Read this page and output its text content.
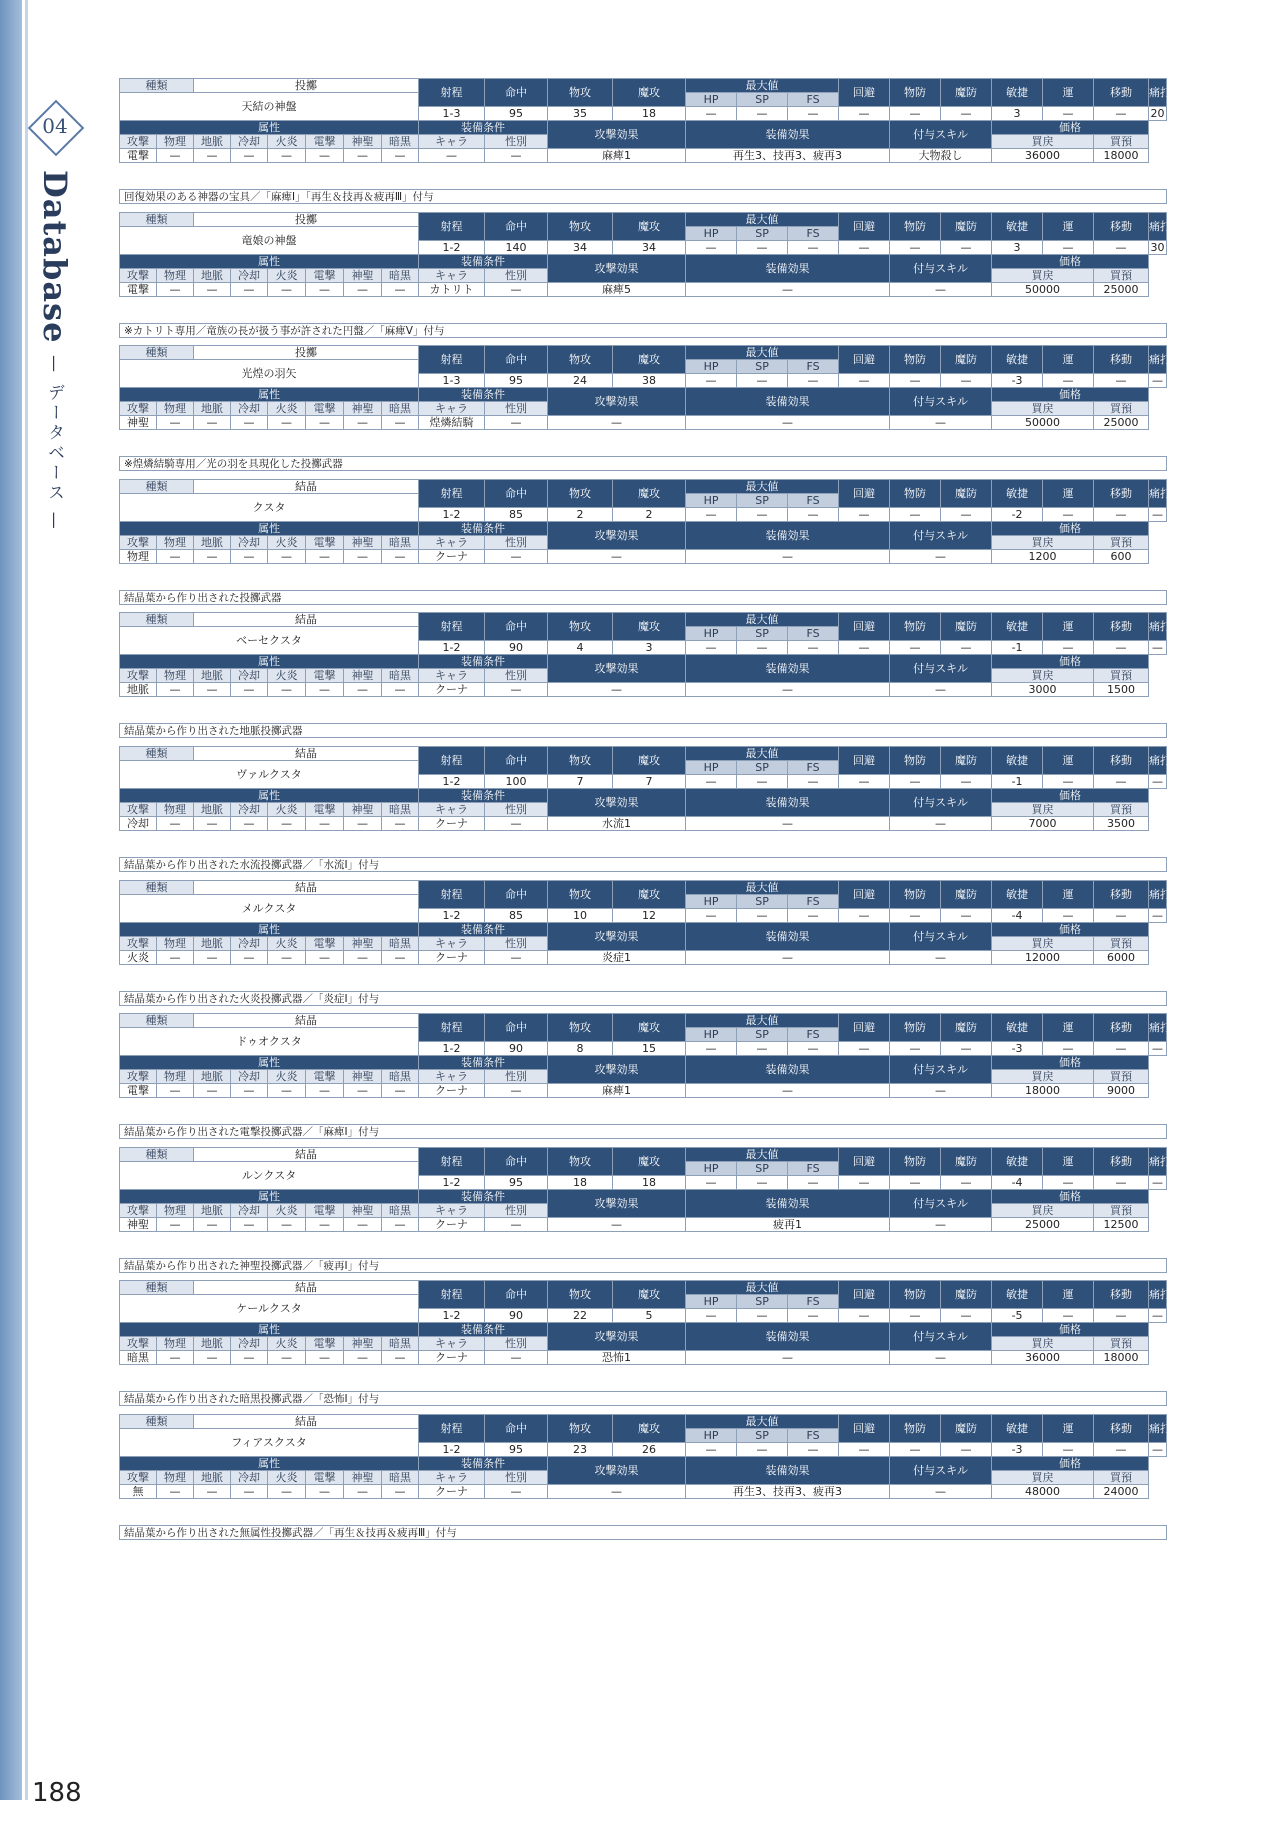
04
Database
— データベース —
188
種類		投擲						射程	命中	物攻	魔攻	最大値			回避	物防	魔防	敏捷	運	移動	痛打
天結の神盤												HP	SP	FS							
								1-3	95	35	18	—	—	—	—	—	—	3	—	—	20
属性								装備条件		攻撃効果		装備効果				付与スキル		価格			
攻撃	物理	地脈	冷却	火炎	電撃	神聖	暗黒	キャラ	性別									買戻		買預	
電撃	—	—	—	—	—	—	—	—	—	麻痺1		再生3、技再3、疲再3				大物殺し		36000		18000	
回復効果のある神器の宝具／「麻痺Ⅰ」「再生＆技再＆疲再Ⅲ」付与
種類		投擲						射程	命中	物攻	魔攻	最大値			回避	物防	魔防	敏捷	運	移動	痛打
竜娘の神盤												HP	SP	FS							
								1-2	140	34	34	—	—	—	—	—	—	3	—	—	30
属性								装備条件		攻撃効果		装備効果				付与スキル		価格			
攻撃	物理	地脈	冷却	火炎	電撃	神聖	暗黒	キャラ	性別									買戻		買預	
電撃	—	—	—	—	—	—	—	カトリト	—	麻痺5		—				—		50000		25000	
※カトリト専用／竜族の長が扱う事が許された円盤／「麻痺Ⅴ」付与
種類		投擲						射程	命中	物攻	魔攻	最大値			回避	物防	魔防	敏捷	運	移動	痛打
光煌の羽矢												HP	SP	FS							
								1-3	95	24	38	—	—	—	—	—	—	-3	—	—	—
属性								装備条件		攻撃効果		装備効果				付与スキル		価格			
攻撃	物理	地脈	冷却	火炎	電撃	神聖	暗黒	キャラ	性別									買戻		買預	
神聖	—	—	—	—	—	—	—	煌燐結騎	—	—		—				—		50000		25000	
※煌燐結騎専用／光の羽を具現化した投擲武器
種類		結晶						射程	命中	物攻	魔攻	最大値			回避	物防	魔防	敏捷	運	移動	痛打
クスタ												HP	SP	FS							
								1-2	85	2	2	—	—	—	—	—	—	-2	—	—	—
属性								装備条件		攻撃効果		装備効果				付与スキル		価格			
攻撃	物理	地脈	冷却	火炎	電撃	神聖	暗黒	キャラ	性別									買戻		買預	
物理	—	—	—	—	—	—	—	クーナ	—	—		—				—		1200		600	
結晶葉から作り出された投擲武器
種類		結晶						射程	命中	物攻	魔攻	最大値			回避	物防	魔防	敏捷	運	移動	痛打
ベーセクスタ												HP	SP	FS							
								1-2	90	4	3	—	—	—	—	—	—	-1	—	—	—
属性								装備条件		攻撃効果		装備効果				付与スキル		価格			
攻撃	物理	地脈	冷却	火炎	電撃	神聖	暗黒	キャラ	性別									買戻		買預	
地脈	—	—	—	—	—	—	—	クーナ	—	—		—				—		3000		1500	
結晶葉から作り出された地脈投擲武器
種類		結晶						射程	命中	物攻	魔攻	最大値			回避	物防	魔防	敏捷	運	移動	痛打
ヴァルクスタ												HP	SP	FS							
								1-2	100	7	7	—	—	—	—	—	—	-1	—	—	—
属性								装備条件		攻撃効果		装備効果				付与スキル		価格			
攻撃	物理	地脈	冷却	火炎	電撃	神聖	暗黒	キャラ	性別									買戻		買預	
冷却	—	—	—	—	—	—	—	クーナ	—	水流1		—				—		7000		3500	
結晶葉から作り出された水流投擲武器／「水流Ⅰ」付与
種類		結晶						射程	命中	物攻	魔攻	最大値			回避	物防	魔防	敏捷	運	移動	痛打
メルクスタ												HP	SP	FS							
								1-2	85	10	12	—	—	—	—	—	—	-4	—	—	—
属性								装備条件		攻撃効果		装備効果				付与スキル		価格			
攻撃	物理	地脈	冷却	火炎	電撃	神聖	暗黒	キャラ	性別									買戻		買預	
火炎	—	—	—	—	—	—	—	クーナ	—	炎症1		—				—		12000		6000	
結晶葉から作り出された火炎投擲武器／「炎症Ⅰ」付与
種類		結晶						射程	命中	物攻	魔攻	最大値			回避	物防	魔防	敏捷	運	移動	痛打
ドゥオクスタ												HP	SP	FS							
								1-2	90	8	15	—	—	—	—	—	—	-3	—	—	—
属性								装備条件		攻撃効果		装備効果				付与スキル		価格			
攻撃	物理	地脈	冷却	火炎	電撃	神聖	暗黒	キャラ	性別									買戻		買預	
電撃	—	—	—	—	—	—	—	クーナ	—	麻痺1		—				—		18000		9000	
結晶葉から作り出された電撃投擲武器／「麻痺Ⅰ」付与
種類		結晶						射程	命中	物攻	魔攻	最大値			回避	物防	魔防	敏捷	運	移動	痛打
ルンクスタ												HP	SP	FS							
								1-2	95	18	18	—	—	—	—	—	—	-4	—	—	—
属性								装備条件		攻撃効果		装備効果				付与スキル		価格			
攻撃	物理	地脈	冷却	火炎	電撃	神聖	暗黒	キャラ	性別									買戻		買預	
神聖	—	—	—	—	—	—	—	クーナ	—	—		疲再1				—		25000		12500	
結晶葉から作り出された神聖投擲武器／「疲再Ⅰ」付与
種類		結晶						射程	命中	物攻	魔攻	最大値			回避	物防	魔防	敏捷	運	移動	痛打
ケールクスタ												HP	SP	FS							
								1-2	90	22	5	—	—	—	—	—	—	-5	—	—	—
属性								装備条件		攻撃効果		装備効果				付与スキル		価格			
攻撃	物理	地脈	冷却	火炎	電撃	神聖	暗黒	キャラ	性別									買戻		買預	
暗黒	—	—	—	—	—	—	—	クーナ	—	恐怖1		—				—		36000		18000	
結晶葉から作り出された暗黒投擲武器／「恐怖Ⅰ」付与
種類		結晶						射程	命中	物攻	魔攻	最大値			回避	物防	魔防	敏捷	運	移動	痛打
フィアスクスタ												HP	SP	FS							
								1-2	95	23	26	—	—	—	—	—	—	-3	—	—	—
属性								装備条件		攻撃効果		装備効果				付与スキル		価格			
攻撃	物理	地脈	冷却	火炎	電撃	神聖	暗黒	キャラ	性別									買戻		買預	
無	—	—	—	—	—	—	—	クーナ	—	—		再生3、技再3、疲再3				—		48000		24000	
結晶葉から作り出された無属性投擲武器／「再生＆技再＆疲再Ⅲ」付与
